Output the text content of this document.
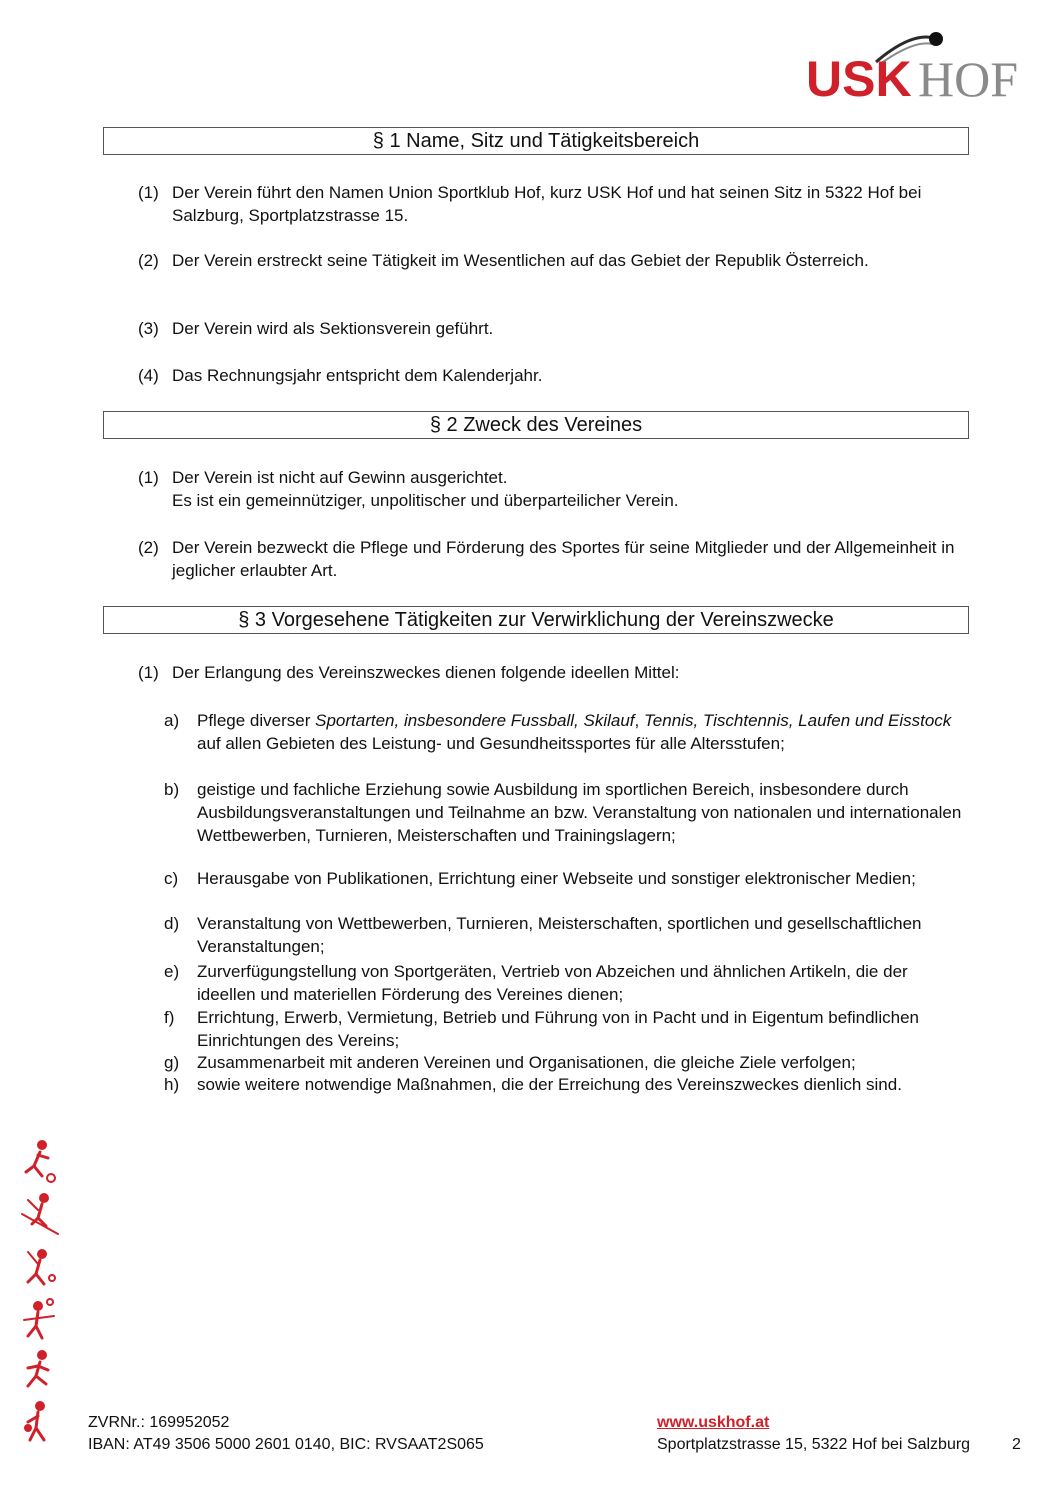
USK HOF
§ 1 Name, Sitz und Tätigkeitsbereich
(1) Der Verein führt den Namen Union Sportklub Hof, kurz USK Hof und hat seinen Sitz in 5322 Hof bei Salzburg, Sportplatzstrasse 15.
(2) Der Verein erstreckt seine Tätigkeit im Wesentlichen auf das Gebiet der Republik Österreich.
(3) Der Verein wird als Sektionsverein geführt.
(4) Das Rechnungsjahr entspricht dem Kalenderjahr.
§ 2 Zweck des Vereines
(1) Der Verein ist nicht auf Gewinn ausgerichtet.
Es ist ein gemeinnütziger, unpolitischer und überparteilicher Verein.
(2) Der Verein bezweckt die Pflege und Förderung des Sportes für seine Mitglieder und der Allgemeinheit in jeglicher erlaubter Art.
§ 3 Vorgesehene Tätigkeiten zur Verwirklichung der Vereinszwecke
(1) Der Erlangung des Vereinszweckes dienen folgende ideellen Mittel:
a) Pflege diverser Sportarten, insbesondere Fussball, Skilauf, Tennis, Tischtennis, Laufen und Eisstock auf allen Gebieten des Leistung- und Gesundheitssportes für alle Altersstufen;
b) geistige und fachliche Erziehung sowie Ausbildung im sportlichen Bereich, insbesondere durch Ausbildungsveranstaltungen und Teilnahme an bzw. Veranstaltung von nationalen und internationalen Wettbewerben, Turnieren, Meisterschaften und Trainingslagern;
c) Herausgabe von Publikationen, Errichtung einer Webseite und sonstiger elektronischer Medien;
d) Veranstaltung von Wettbewerben, Turnieren, Meisterschaften, sportlichen und gesellschaftlichen Veranstaltungen;
e) Zurverfügungstellung von Sportgeräten, Vertrieb von Abzeichen und ähnlichen Artikeln, die der ideellen und materiellen Förderung des Vereines dienen;
f) Errichtung, Erwerb, Vermietung, Betrieb und Führung von in Pacht und in Eigentum befindlichen Einrichtungen des Vereins;
g) Zusammenarbeit mit anderen Vereinen und Organisationen, die gleiche Ziele verfolgen;
h) sowie weitere notwendige Maßnahmen, die der Erreichung des Vereinszweckes dienlich sind.
ZVRNr.: 169952052
IBAN: AT49 3506 5000 2601 0140, BIC: RVSAAT2S065
www.uskhof.at
Sportplatzstrasse 15, 5322 Hof bei Salzburg	2
